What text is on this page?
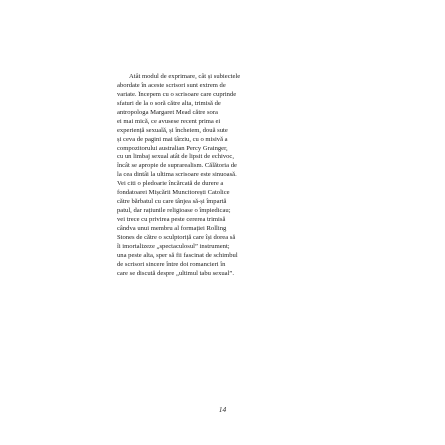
Atât modul de exprimare, cât și subiectele
abordate în aceste scrisori sunt extrem de
variate. Începem cu o scrisoare care cuprinde
sfaturi de la o soră către alta, trimisă de
antropologa Margaret Mead către sora
ei mai mică, ce avusese recent prima ei
experiență sexuală, și încheiem, două sute
și ceva de pagini mai târziu, cu o misivă a
compozitorului australian Percy Grainger,
cu un limbaj sexual atât de lipsit de echivoc,
încât se apropie de suprarealism. Călătoria de
la cea dintâi la ultima scrisoare este sinuoasă.
Vei citi o pledoarie încărcată de durere a
fondatoarei Mișcării Muncitorești Catolice
către bărbatul cu care tânjea să-și împartă
patul, dar rațiunile religioase o împiedicau;
vei trece cu privirea peste cererea trimisă
cândva unui membru al formației Rolling
Stones de către o sculptoriță care își dorea să
îi imortalizeze „spectaculosul” instrument;
una peste alta, sper să fii fascinat de schimbul
de scrisori sincere între doi romancieri în
care se discută despre „ultimul tabu sexual”.
14
